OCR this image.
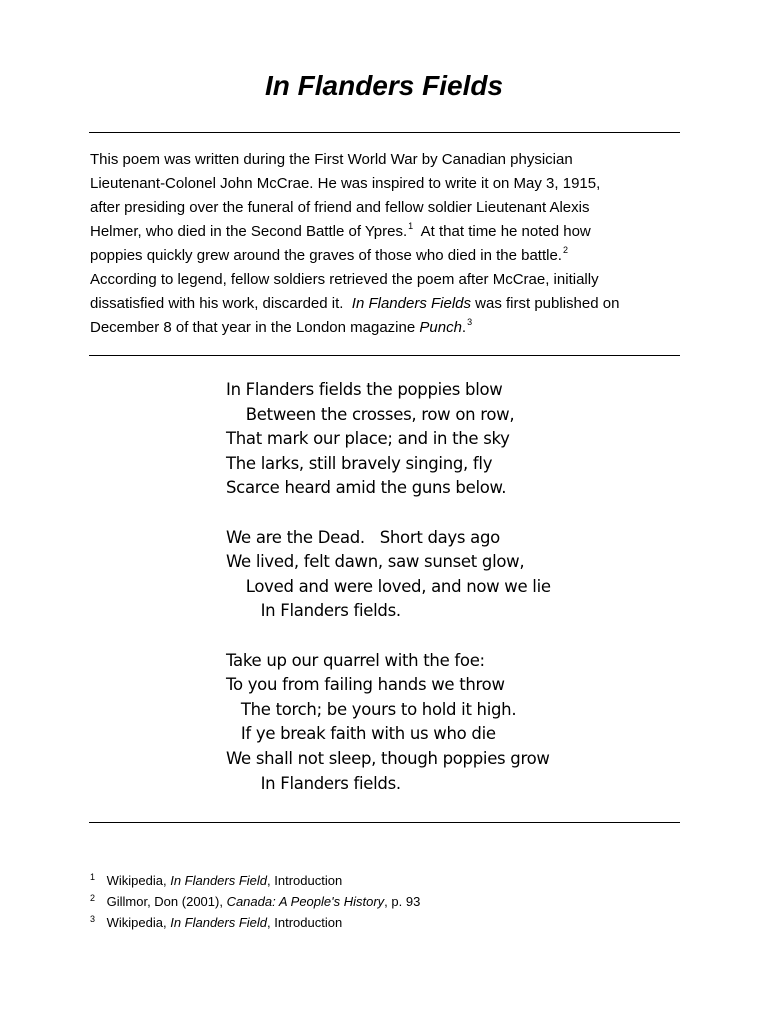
In Flanders Fields
This poem was written during the First World War by Canadian physician
Lieutenant-Colonel John McCrae. He was inspired to write it on May 3, 1915,
after presiding over the funeral of friend and fellow soldier Lieutenant Alexis
Helmer, who died in the Second Battle of Ypres.$^1$  At that time he noted how
poppies quickly grew around the graves of those who died in the battle.$^2$
According to legend, fellow soldiers retrieved the poem after McCrae, initially
dissatisfied with his work, discarded it.  In Flanders Fields was first published on
December 8 of that year in the London magazine Punch.$^3$
In Flanders fields the poppies blow
Between the crosses, row on row,
That mark our place; and in the sky
The larks, still bravely singing, fly
Scarce heard amid the guns below.
We are the Dead.   Short days ago
We lived, felt dawn, saw sunset glow,
Loved and were loved, and now we lie
In Flanders fields.
Take up our quarrel with the foe:
To you from failing hands we throw
The torch; be yours to hold it high.
If ye break faith with us who die
We shall not sleep, though poppies grow
In Flanders fields.
1 Wikipedia, In Flanders Field, Introduction
2 Gillmor, Don (2001), Canada: A People's History, p. 93
3 Wikipedia, In Flanders Field, Introduction
